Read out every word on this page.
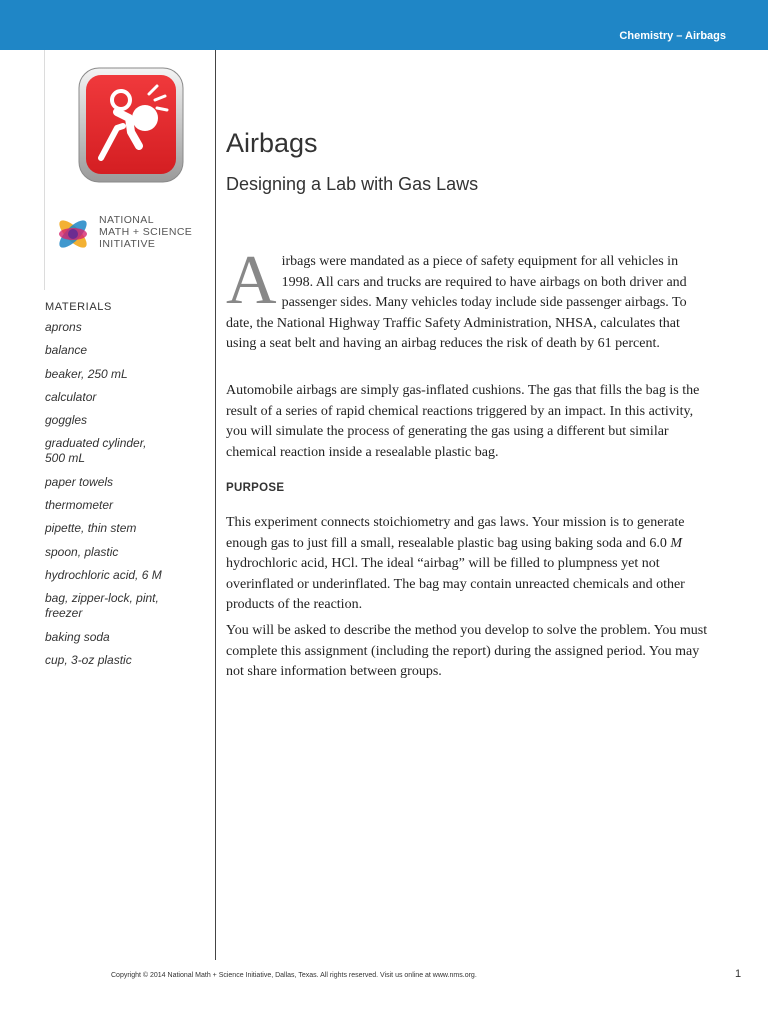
Chemistry – Airbags
NATIONAL
MATH + SCIENCE
INITIATIVE
MATERIALS
aprons
balance
beaker, 250 mL
calculator
goggles
graduated cylinder,
500 mL
paper towels
thermometer
pipette, thin stem
spoon, plastic
hydrochloric acid, 6 M
bag, zipper-lock, pint,
freezer
baking soda
cup, 3-oz plastic
Airbags
Designing a Lab with Gas Laws
Airbags were mandated as a piece of safety equipment for all vehicles in 1998. All cars and trucks are required to have airbags on both driver and passenger sides. Many vehicles today include side passenger airbags. To date, the National Highway Traffic Safety Administration, NHSA, calculates that using a seat belt and having an airbag reduces the risk of death by 61 percent.
Automobile airbags are simply gas-inflated cushions. The gas that fills the bag is the result of a series of rapid chemical reactions triggered by an impact. In this activity, you will simulate the process of generating the gas using a different but similar chemical reaction inside a resealable plastic bag.
PURPOSE
This experiment connects stoichiometry and gas laws. Your mission is to generate enough gas to just fill a small, resealable plastic bag using baking soda and 6.0 M hydrochloric acid, HCl. The ideal “airbag” will be filled to plumpness yet not overinflated or underinflated. The bag may contain unreacted chemicals and other products of the reaction.
You will be asked to describe the method you develop to solve the problem. You must complete this assignment (including the report) during the assigned period. You may not share information between groups.
Copyright © 2014 National Math + Science Initiative, Dallas, Texas. All rights reserved. Visit us online at www.nms.org.	1
